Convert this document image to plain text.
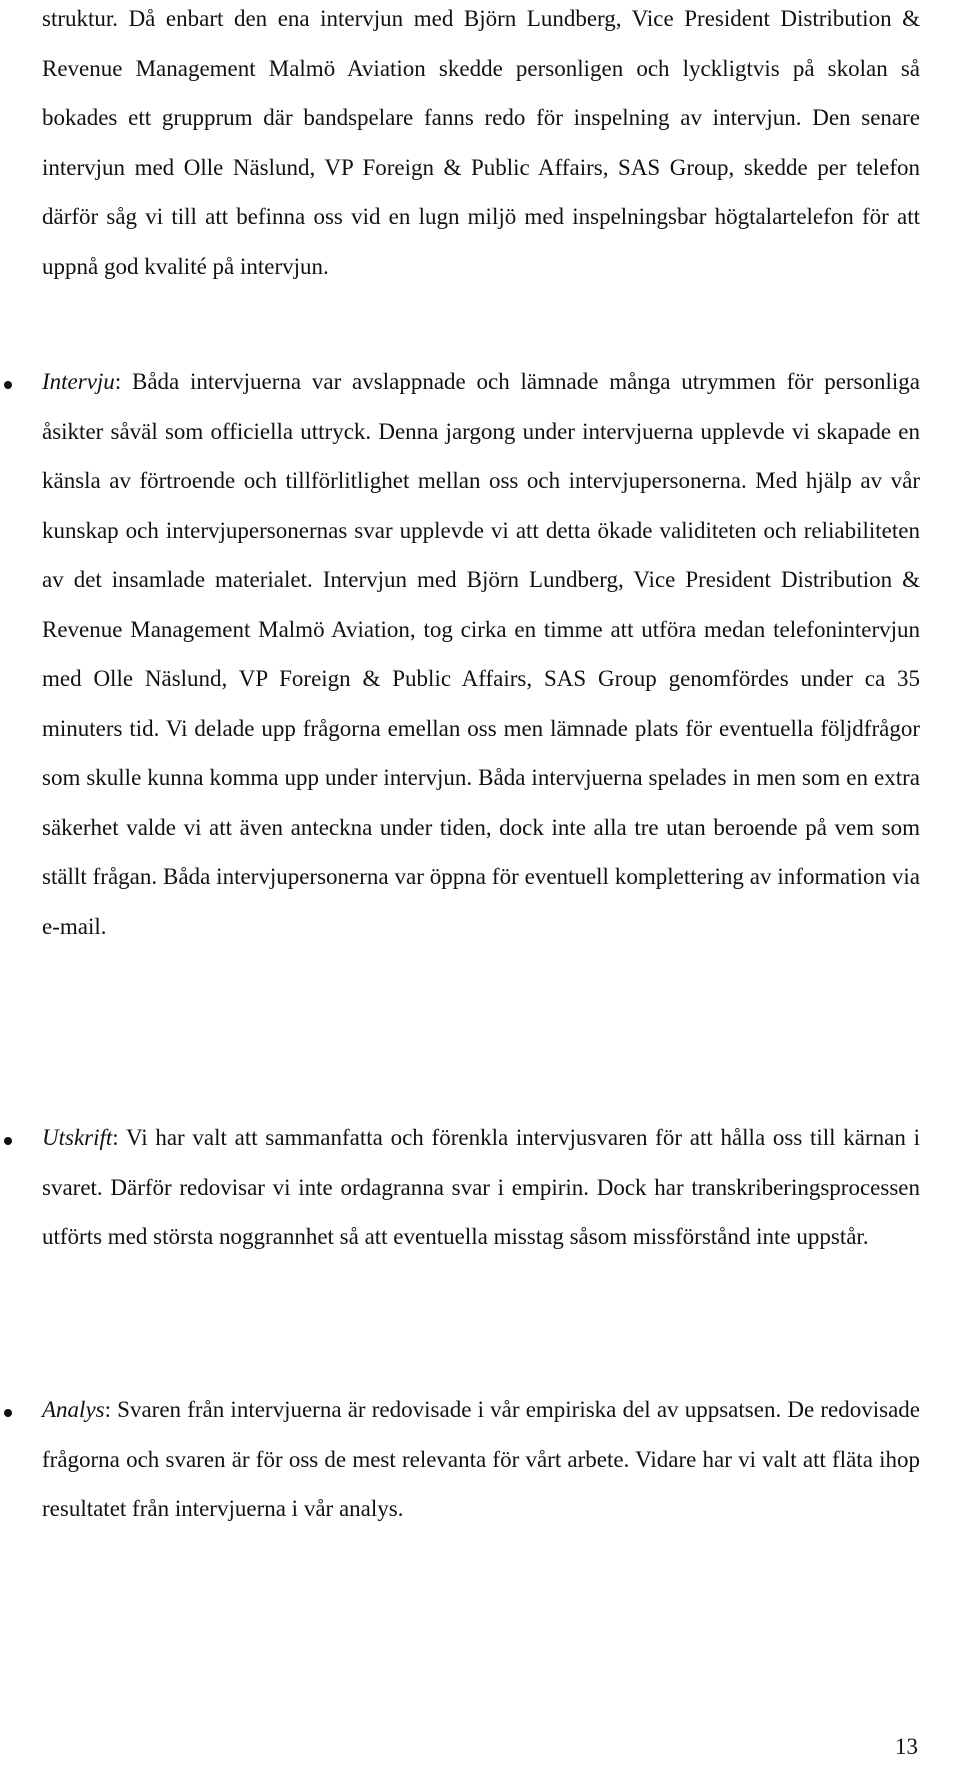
struktur. Då enbart den ena intervjun med Björn Lundberg, Vice President Distribution & Revenue Management Malmö Aviation skedde personligen och lyckligtvis på skolan så bokades ett grupprum där bandspelare fanns redo för inspelning av intervjun. Den senare intervjun med Olle Näslund, VP Foreign & Public Affairs, SAS Group, skedde per telefon därför såg vi till att befinna oss vid en lugn miljö med inspelningsbar högtalartelefon för att uppnå god kvalité på intervjun.

Intervju: Båda intervjuerna var avslappnade och lämnade många utrymmen för personliga åsikter såväl som officiella uttryck. Denna jargong under intervjuerna upplevde vi skapade en känsla av förtroende och tillförlitlighet mellan oss och intervjupersonerna. Med hjälp av vår kunskap och intervjupersonernas svar upplevde vi att detta ökade validiteten och reliabiliteten av det insamlade materialet. Intervjun med Björn Lundberg, Vice President Distribution & Revenue Management Malmö Aviation, tog cirka en timme att utföra medan telefonintervjun med Olle Näslund, VP Foreign & Public Affairs, SAS Group genomfördes under ca 35 minuters tid. Vi delade upp frågorna emellan oss men lämnade plats för eventuella följdfrågor som skulle kunna komma upp under intervjun. Båda intervjuerna spelades in men som en extra säkerhet valde vi att även anteckna under tiden, dock inte alla tre utan beroende på vem som ställt frågan. Båda intervjupersonerna var öppna för eventuell komplettering av information via e-mail.

Utskrift: Vi har valt att sammanfatta och förenkla intervjusvaren för att hålla oss till kärnan i svaret. Därför redovisar vi inte ordagranna svar i empirin. Dock har transkriberingsprocessen utförts med största noggrannhet så att eventuella misstag såsom missförstånd inte uppstår.

Analys: Svaren från intervjuerna är redovisade i vår empiriska del av uppsatsen. De redovisade frågorna och svaren är för oss de mest relevanta för vårt arbete. Vidare har vi valt att fläta ihop resultatet från intervjuerna i vår analys.

13
